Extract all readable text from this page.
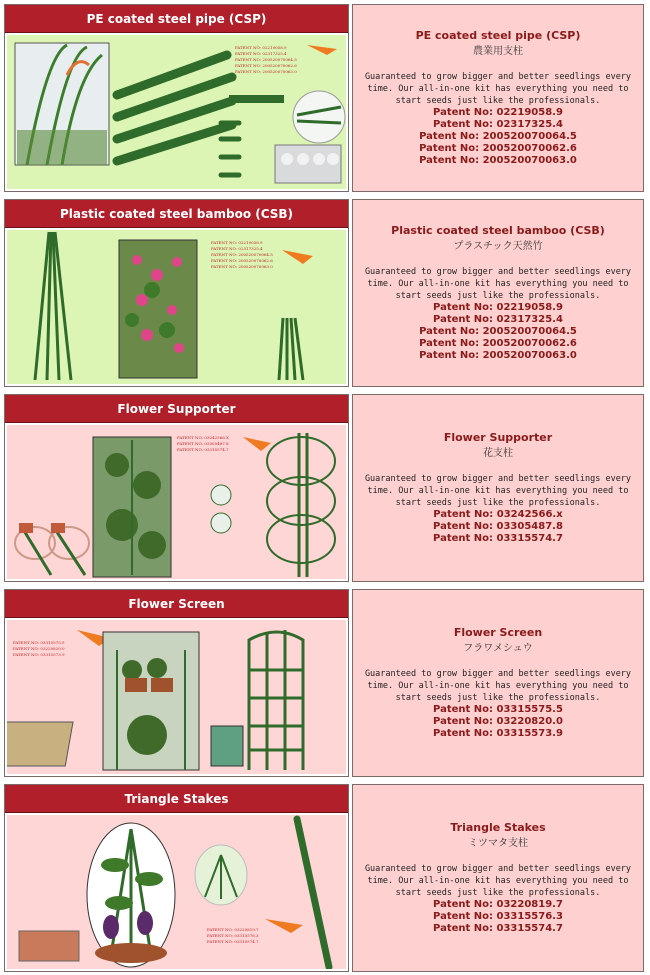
PE coated steel pipe (CSP)
PATENT NO: 02219058.9
PATENT NO: 02317325.4
PATENT NO: 200520070064.5
PATENT NO: 200520070062.6
PATENT NO: 200520070063.0
PE coated steel pipe (CSP)
農業用支柱
Guaranteed to grow bigger and better seedlings every time. Our all-in-one kit has everything you need to start seeds just like the professionals.
Patent No: 02219058.9
Patent No: 02317325.4
Patent No: 200520070064.5
Patent No: 200520070062.6
Patent No: 200520070063.0
Plastic coated steel bamboo (CSB)
PATENT NO: 02219058.9
PATENT NO: 02317325.4
PATENT NO: 200520070064.5
PATENT NO: 200520070062.6
PATENT NO: 200520070063.0
Plastic coated steel bamboo (CSB)
プラスチック天然竹
Guaranteed to grow bigger and better seedlings every time. Our all-in-one kit has everything you need to start seeds just like the professionals.
Patent No: 02219058.9
Patent No: 02317325.4
Patent No: 200520070064.5
Patent No: 200520070062.6
Patent No: 200520070063.0
Flower Supporter
PATENT NO: 03242566.X
PATENT NO: 03305487.8
PATENT NO: 03315574.7
Flower Supporter
花支柱
Guaranteed to grow bigger and better seedlings every time. Our all-in-one kit has everything you need to start seeds just like the professionals.
Patent No: 03242566.x
Patent No: 03305487.8
Patent No: 03315574.7
Flower Screen
PATENT NO: 03315575.5
PATENT NO: 03220820.0
PATENT NO: 03315573.9
Flower Screen
フラワメシュウ
Guaranteed to grow bigger and better seedlings every time. Our all-in-one kit has everything you need to start seeds just like the professionals.
Patent No: 03315575.5
Patent No: 03220820.0
Patent No: 03315573.9
Triangle Stakes
PATENT NO: 03220819.7
PATENT NO: 03315576.3
PATENT NO: 03315574.7
Triangle Stakes
ミツマタ支柱
Guaranteed to grow bigger and better seedlings every time. Our all-in-one kit has everything you need to start seeds just like the professionals.
Patent No: 03220819.7
Patent No: 03315576.3
Patent No: 03315574.7
